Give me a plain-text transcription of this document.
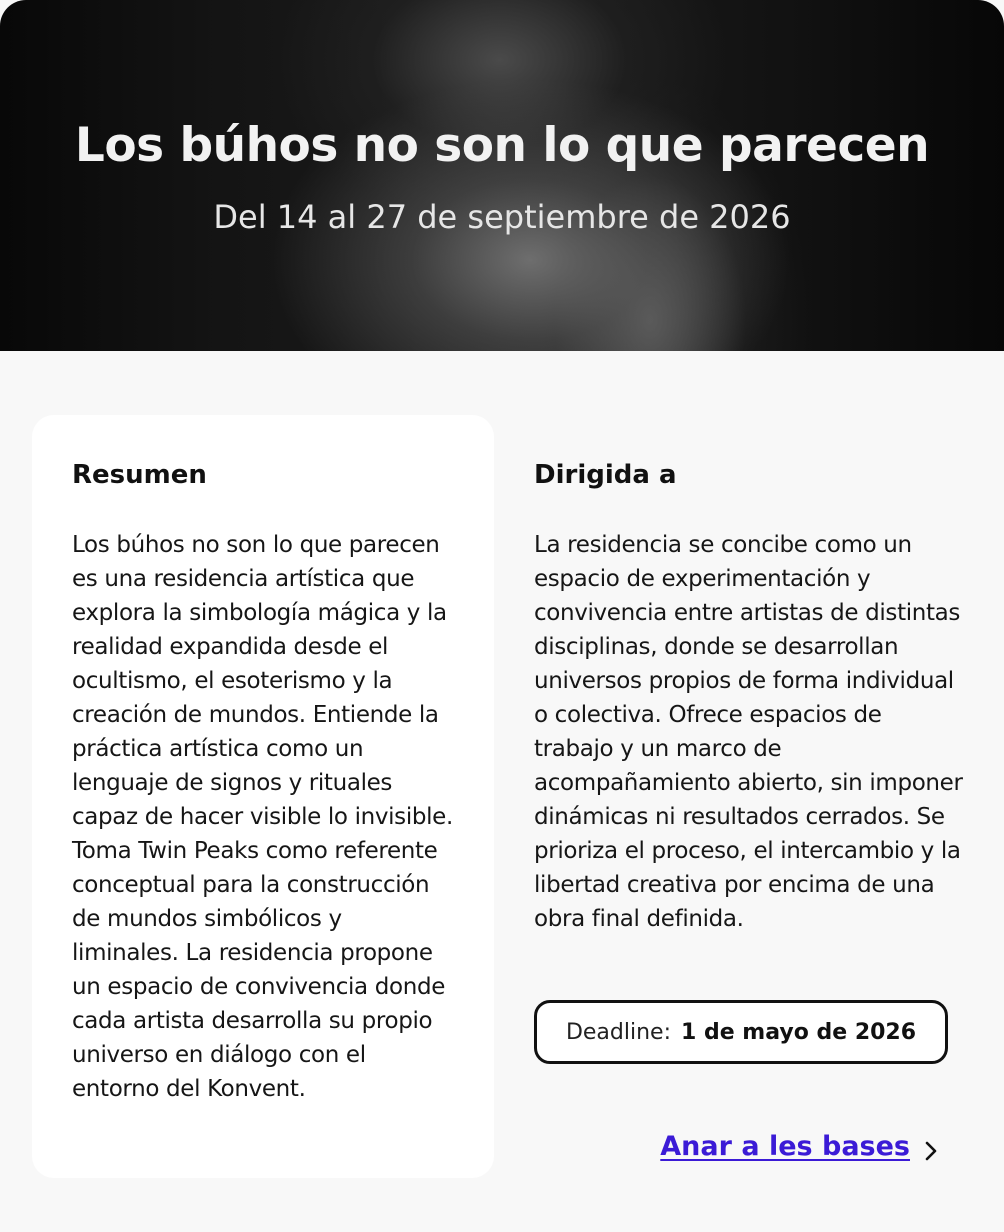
Los búhos no son lo que parecen

Del 14 al 27 de septiembre de 2026

Resumen

Los búhos no son lo que parecen es una residencia artística que explora la simbología mágica y la realidad expandida desde el ocultismo, el esoterismo y la creación de mundos. Entiende la práctica artística como un lenguaje de signos y rituales capaz de hacer visible lo invisible. Toma Twin Peaks como referente conceptual para la construcción de mundos simbólicos y liminales. La residencia propone un espacio de convivencia donde cada artista desarrolla su propio universo en diálogo con el entorno del Konvent.

Dirigida a

La residencia se concibe como un espacio de experimentación y convivencia entre artistas de distintas disciplinas, donde se desarrollan universos propios de forma individual o colectiva. Ofrece espacios de trabajo y un marco de acompañamiento abierto, sin imponer dinámicas ni resultados cerrados. Se prioriza el proceso, el intercambio y la libertad creativa por encima de una obra final definida.

Deadline: 1 de mayo de 2026
Anar a les bases
